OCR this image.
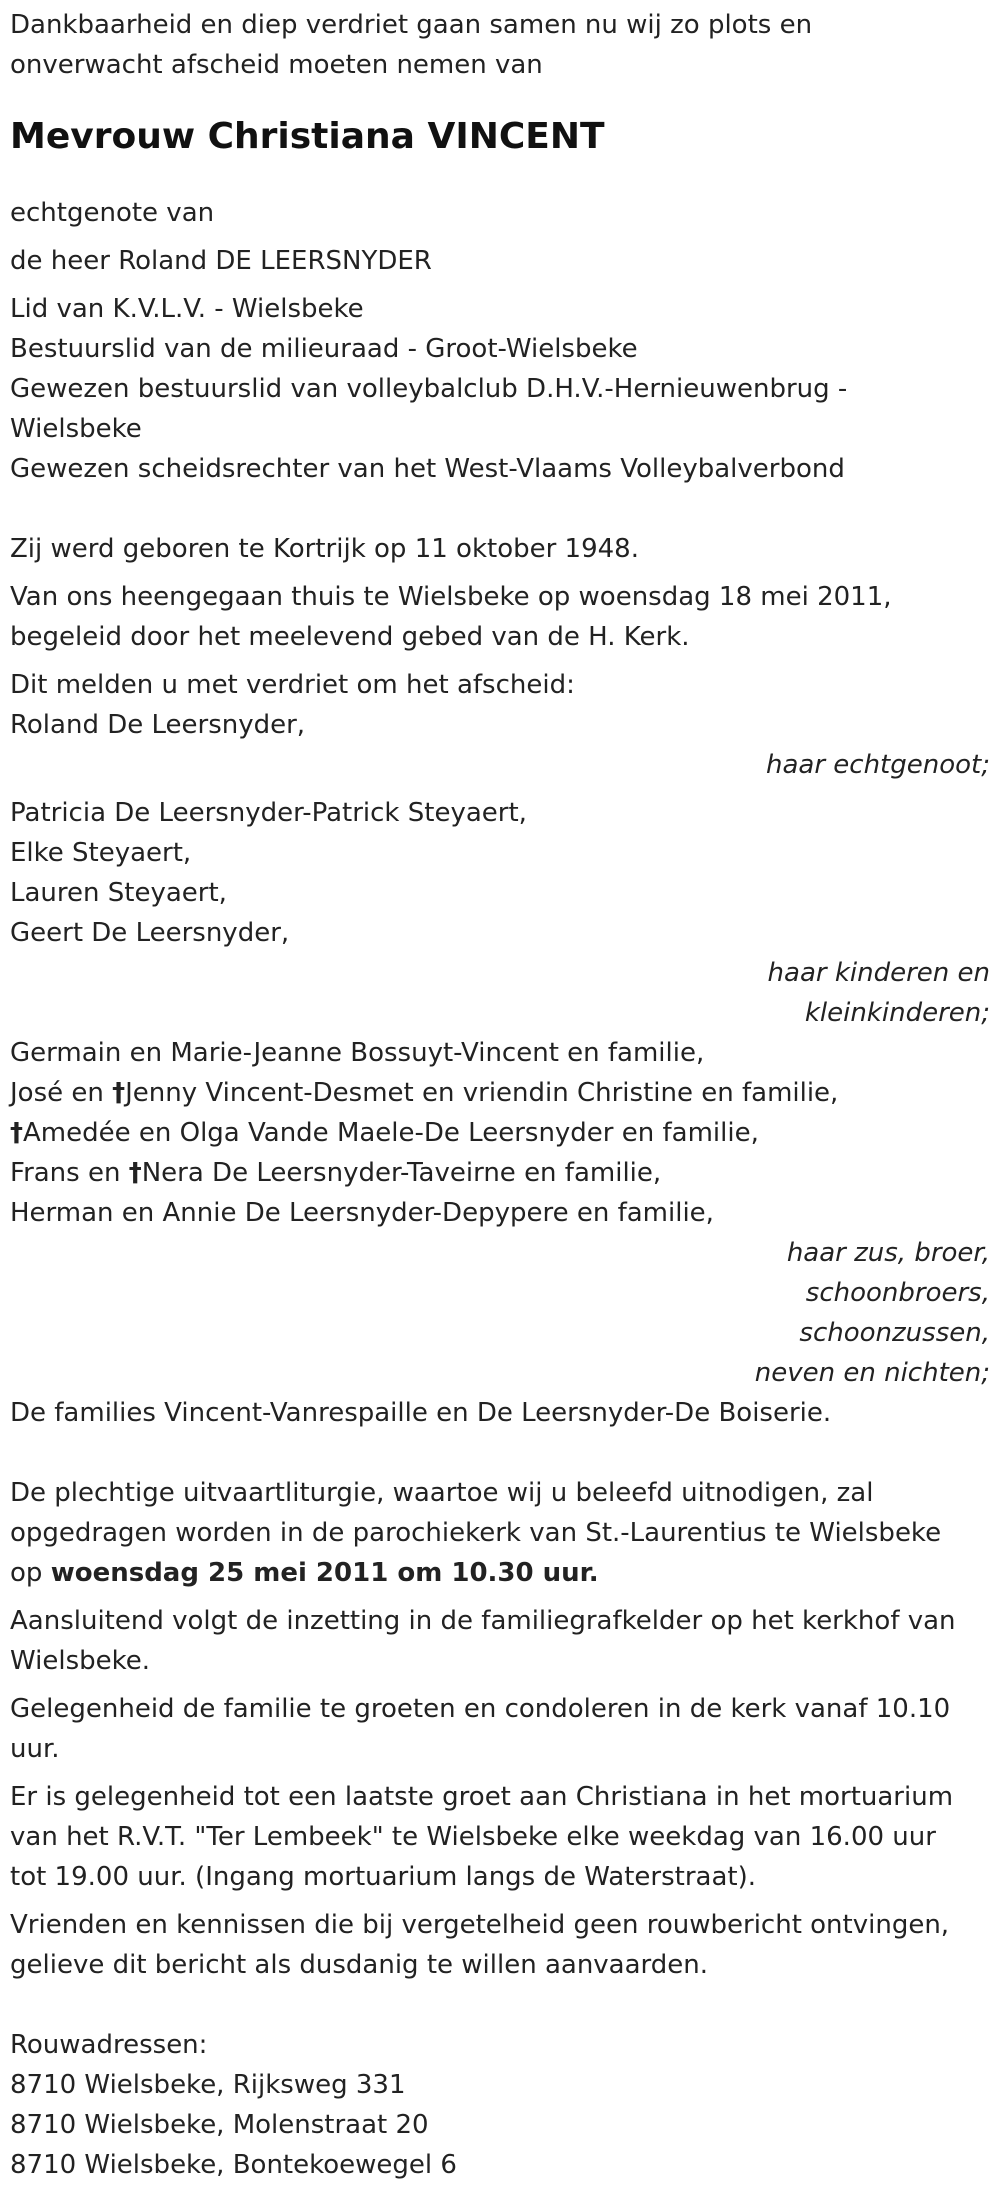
Dankbaarheid en diep verdriet gaan samen nu wij zo plots en
onverwacht afscheid moeten nemen van

Mevrouw Christiana VINCENT

echtgenote van

de heer Roland DE LEERSNYDER

Lid van K.V.L.V. - Wielsbeke
Bestuurslid van de milieuraad - Groot-Wielsbeke
Gewezen bestuurslid van volleybalclub D.H.V.-Hernieuwenbrug -
Wielsbeke
Gewezen scheidsrechter van het West-Vlaams Volleybalverbond

Zij werd geboren te Kortrijk op 11 oktober 1948.

Van ons heengegaan thuis te Wielsbeke op woensdag 18 mei 2011,
begeleid door het meelevend gebed van de H. Kerk.

Dit melden u met verdriet om het afscheid:

Roland De Leersnyder,
haar echtgenoot;

Patricia De Leersnyder-Patrick Steyaert,
Elke Steyaert,
Lauren Steyaert,
Geert De Leersnyder,
haar kinderen en
kleinkinderen;

Germain en Marie-Jeanne Bossuyt-Vincent en familie,
José en †Jenny Vincent-Desmet en vriendin Christine en familie,
†Amedée en Olga Vande Maele-De Leersnyder en familie,
Frans en †Nera De Leersnyder-Taveirne en familie,
Herman en Annie De Leersnyder-Depypere en familie,
haar zus, broer,
schoonbroers,
schoonzussen,
neven en nichten;

De families Vincent-Vanrespaille en De Leersnyder-De Boiserie.

De plechtige uitvaartliturgie, waartoe wij u beleefd uitnodigen, zal
opgedragen worden in de parochiekerk van St.-Laurentius te Wielsbeke
op woensdag 25 mei 2011 om 10.30 uur.

Aansluitend volgt de inzetting in de familiegrafkelder op het kerkhof van
Wielsbeke.

Gelegenheid de familie te groeten en condoleren in de kerk vanaf 10.10
uur.

Er is gelegenheid tot een laatste groet aan Christiana in het mortuarium
van het R.V.T. "Ter Lembeek" te Wielsbeke elke weekdag van 16.00 uur
tot 19.00 uur. (Ingang mortuarium langs de Waterstraat).

Vrienden en kennissen die bij vergetelheid geen rouwbericht ontvingen,
gelieve dit bericht als dusdanig te willen aanvaarden.

Rouwadressen:
8710 Wielsbeke, Rijksweg 331
8710 Wielsbeke, Molenstraat 20
8710 Wielsbeke, Bontekoewegel 6
